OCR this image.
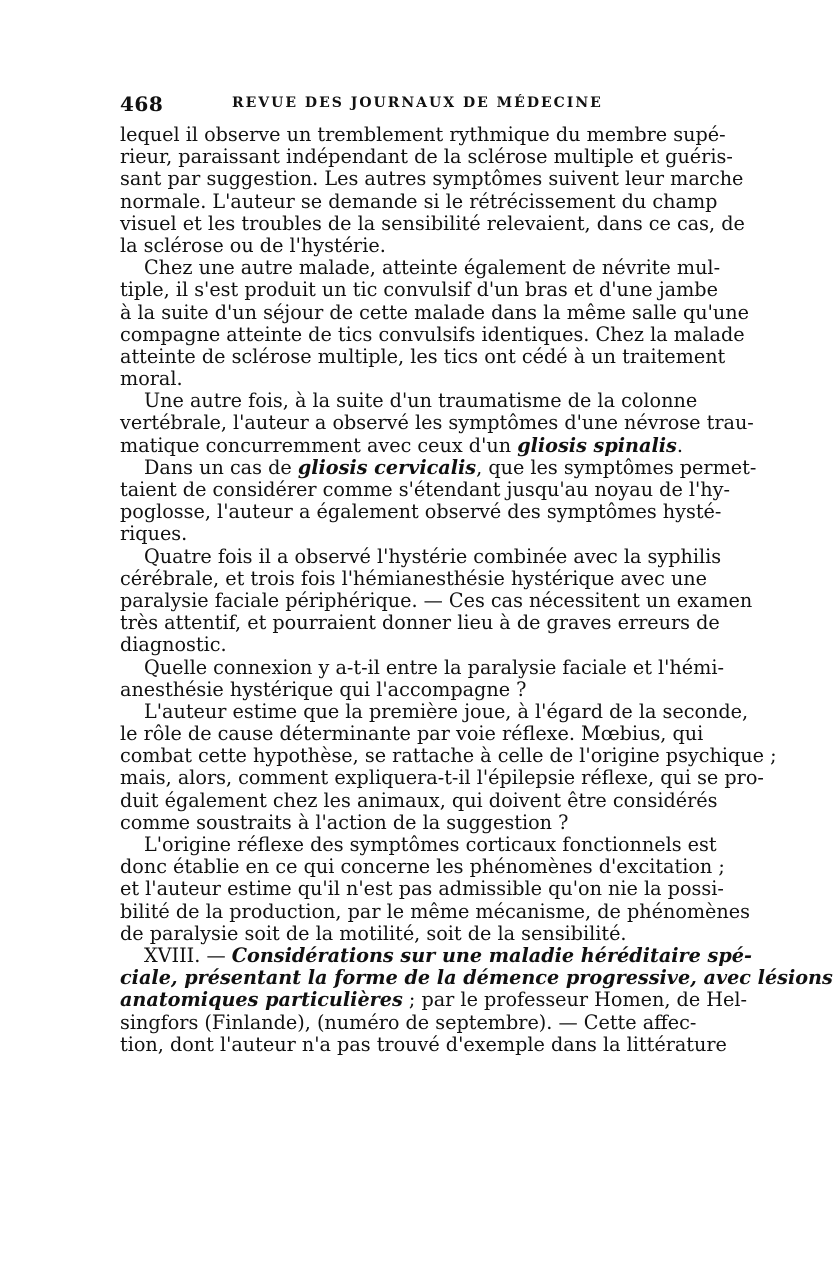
468	REVUE DES JOURNAUX DE MÉDECINE
lequel il observe un tremblement rythmique du membre supé-
rieur, paraissant indépendant de la sclérose multiple et guéris-
sant par suggestion. Les autres symptômes suivent leur marche
normale. L'auteur se demande si le rétrécissement du champ
visuel et les troubles de la sensibilité relevaient, dans ce cas, de
la sclérose ou de l'hystérie.
Chez une autre malade, atteinte également de névrite mul-
tiple, il s'est produit un tic convulsif d'un bras et d'une jambe
à la suite d'un séjour de cette malade dans la même salle qu'une
compagne atteinte de tics convulsifs identiques. Chez la malade
atteinte de sclérose multiple, les tics ont cédé à un traitement
moral.
Une autre fois, à la suite d'un traumatisme de la colonne
vertébrale, l'auteur a observé les symptômes d'une névrose trau-
matique concurremment avec ceux d'un gliosis spinalis.
Dans un cas de gliosis cervicalis, que les symptômes permet-
taient de considérer comme s'étendant jusqu'au noyau de l'hy-
poglosse, l'auteur a également observé des symptômes hysté-
riques.
Quatre fois il a observé l'hystérie combinée avec la syphilis
cérébrale, et trois fois l'hémianesthésie hystérique avec une
paralysie faciale périphérique. — Ces cas nécessitent un examen
très attentif, et pourraient donner lieu à de graves erreurs de
diagnostic.
Quelle connexion y a-t-il entre la paralysie faciale et l'hémi-
anesthésie hystérique qui l'accompagne ?
L'auteur estime que la première joue, à l'égard de la seconde,
le rôle de cause déterminante par voie réflexe. Mœbius, qui
combat cette hypothèse, se rattache à celle de l'origine psychique ;
mais, alors, comment expliquera-t-il l'épilepsie réflexe, qui se pro-
duit également chez les animaux, qui doivent être considérés
comme soustraits à l'action de la suggestion ?
L'origine réflexe des symptômes corticaux fonctionnels est
donc établie en ce qui concerne les phénomènes d'excitation ;
et l'auteur estime qu'il n'est pas admissible qu'on nie la possi-
bilité de la production, par le même mécanisme, de phénomènes
de paralysie soit de la motilité, soit de la sensibilité.
XVIII. — Considérations sur une maladie héréditaire spé-
ciale, présentant la forme de la démence progressive, avec lésions
anatomiques particulières ; par le professeur Homen, de Hel-
singfors (Finlande), (numéro de septembre). — Cette affec-
tion, dont l'auteur n'a pas trouvé d'exemple dans la littérature
